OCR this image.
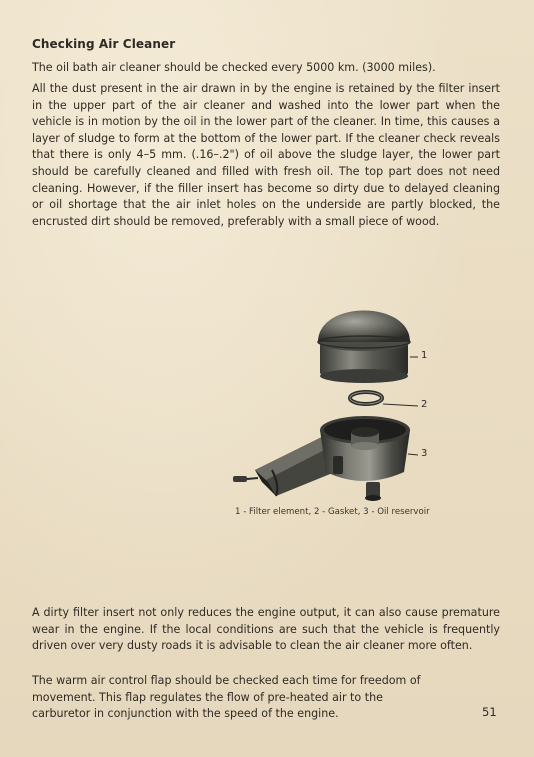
Checking Air Cleaner
The oil bath air cleaner should be checked every 5000 km. (3000 miles).
All the dust present in the air drawn in by the engine is retained by the filter insert in the upper part of the air cleaner and washed into the lower part when the vehicle is in motion by the oil in the lower part of the cleaner. In time, this causes a layer of sludge to form at the bottom of the lower part. If the cleaner check reveals that there is only 4–5 mm. (.16–.2") of oil above the sludge layer, the lower part should be carefully cleaned and filled with fresh oil. The top part does not need cleaning. However, if the filler insert has become so dirty due to delayed cleaning or oil shortage that the air inlet holes on the underside are partly blocked, the encrusted dirt should be removed, preferably with a small piece of wood.
1
2
3
1 - Filter element, 2 - Gasket, 3 - Oil reservoir
A dirty filter insert not only reduces the engine output, it can also cause premature wear in the engine. If the local conditions are such that the vehicle is frequently driven over very dusty roads it is advisable to clean the air cleaner more often.
The warm air control flap should be checked each time for freedom of movement. This flap regulates the flow of pre-heated air to the carburetor in conjunction with the speed of the engine.	51
